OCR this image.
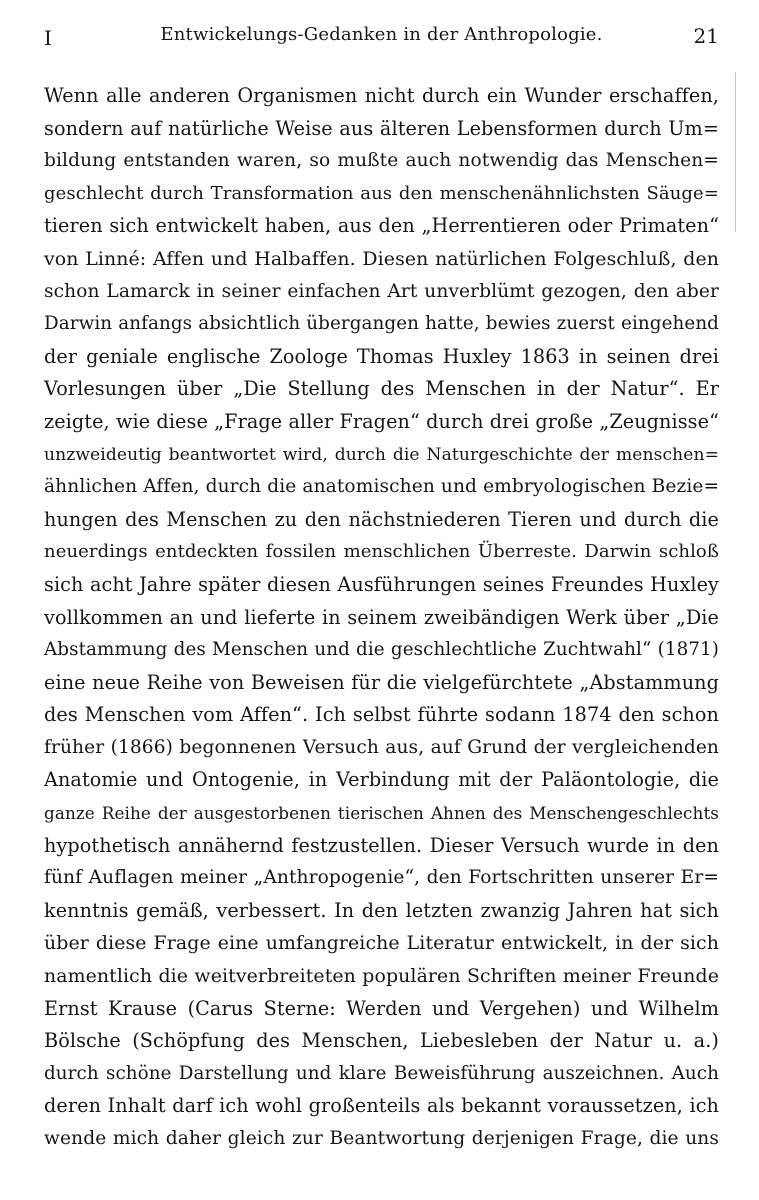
I	Entwickelungs-Gedanken in der Anthropologie.	21
Wenn alle anderen Organismen nicht durch ein Wunder erschaffen,
sondern auf natürliche Weise aus älteren Lebensformen durch Um=
bildung entstanden waren, so mußte auch notwendig das Menschen=
geschlecht durch Transformation aus den menschenähnlichsten Säuge=
tieren sich entwickelt haben, aus den „Herrentieren oder Primaten“
von Linné: Affen und Halbaffen. Diesen natürlichen Folgeschluß, den
schon Lamarck in seiner einfachen Art unverblümt gezogen, den aber
Darwin anfangs absichtlich übergangen hatte, bewies zuerst eingehend
der geniale englische Zoologe Thomas Huxley 1863 in seinen drei
Vorlesungen über „Die Stellung des Menschen in der Natur“. Er
zeigte, wie diese „Frage aller Fragen“ durch drei große „Zeugnisse“
unzweideutig beantwortet wird, durch die Naturgeschichte der menschen=
ähnlichen Affen, durch die anatomischen und embryologischen Bezie=
hungen des Menschen zu den nächstniederen Tieren und durch die
neuerdings entdeckten fossilen menschlichen Überreste. Darwin schloß
sich acht Jahre später diesen Ausführungen seines Freundes Huxley
vollkommen an und lieferte in seinem zweibändigen Werk über „Die
Abstammung des Menschen und die geschlechtliche Zuchtwahl“ (1871)
eine neue Reihe von Beweisen für die vielgefürchtete „Abstammung
des Menschen vom Affen“. Ich selbst führte sodann 1874 den schon
früher (1866) begonnenen Versuch aus, auf Grund der vergleichenden
Anatomie und Ontogenie, in Verbindung mit der Paläontologie, die
ganze Reihe der ausgestorbenen tierischen Ahnen des Menschengeschlechts
hypothetisch annähernd festzustellen. Dieser Versuch wurde in den
fünf Auflagen meiner „Anthropogenie“, den Fortschritten unserer Er=
kenntnis gemäß, verbessert. In den letzten zwanzig Jahren hat sich
über diese Frage eine umfangreiche Literatur entwickelt, in der sich
namentlich die weitverbreiteten populären Schriften meiner Freunde
Ernst Krause (Carus Sterne: Werden und Vergehen) und Wilhelm
Bölsche (Schöpfung des Menschen, Liebesleben der Natur u. a.)
durch schöne Darstellung und klare Beweisführung auszeichnen. Auch
deren Inhalt darf ich wohl großenteils als bekannt voraussetzen, ich
wende mich daher gleich zur Beantwortung derjenigen Frage, die uns
